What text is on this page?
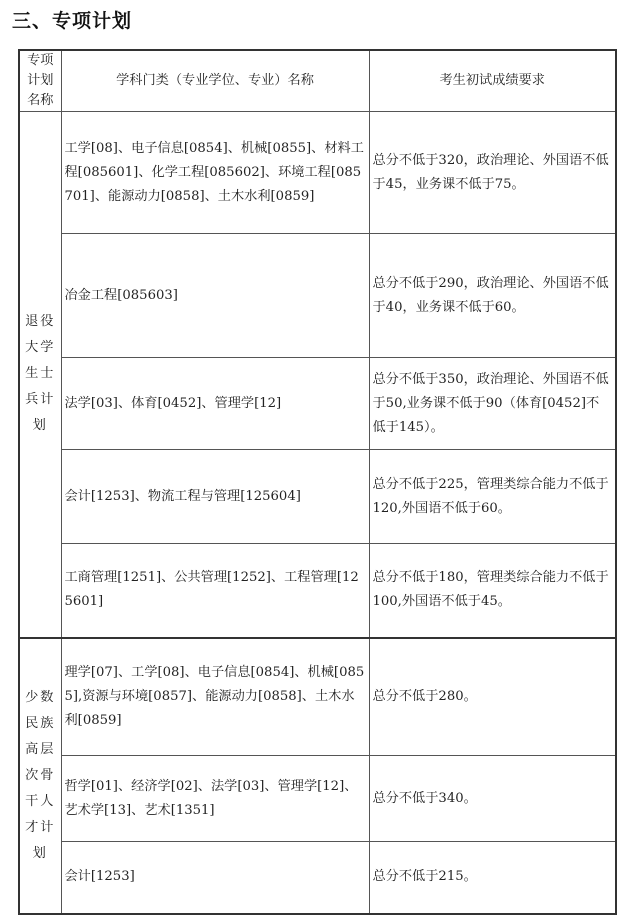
三、专项计划
专项计划名称	学科门类（专业学位、专业）名称	考生初试成绩要求
退役大学生士兵计划	工学[08]、电子信息[0854]、机械[0855]、材料工程[085601]、化学工程[085602]、环境工程[085701]、能源动力[0858]、土木水利[0859]	总分不低于320，政治理论、外国语不低于45，业务课不低于75。
	冶金工程[085603]	总分不低于290，政治理论、外国语不低于40，业务课不低于60。
	法学[03]、体育[0452]、管理学[12]	总分不低于350，政治理论、外国语不低于50,业务课不低于90（体育[0452]不低于145）。
	会计[1253]、物流工程与管理[125604]	总分不低于225，管理类综合能力不低于120,外国语不低于60。
	工商管理[1251]、公共管理[1252]、工程管理[125601]	总分不低于180，管理类综合能力不低于100,外国语不低于45。
少数民族高层次骨干人才计划	理学[07]、工学[08]、电子信息[0854]、机械[0855],资源与环境[0857]、能源动力[0858]、土木水利[0859]	总分不低于280。
	哲学[01]、经济学[02]、法学[03]、管理学[12]、艺术学[13]、艺术[1351]	总分不低于340。
	会计[1253]	总分不低于215。
